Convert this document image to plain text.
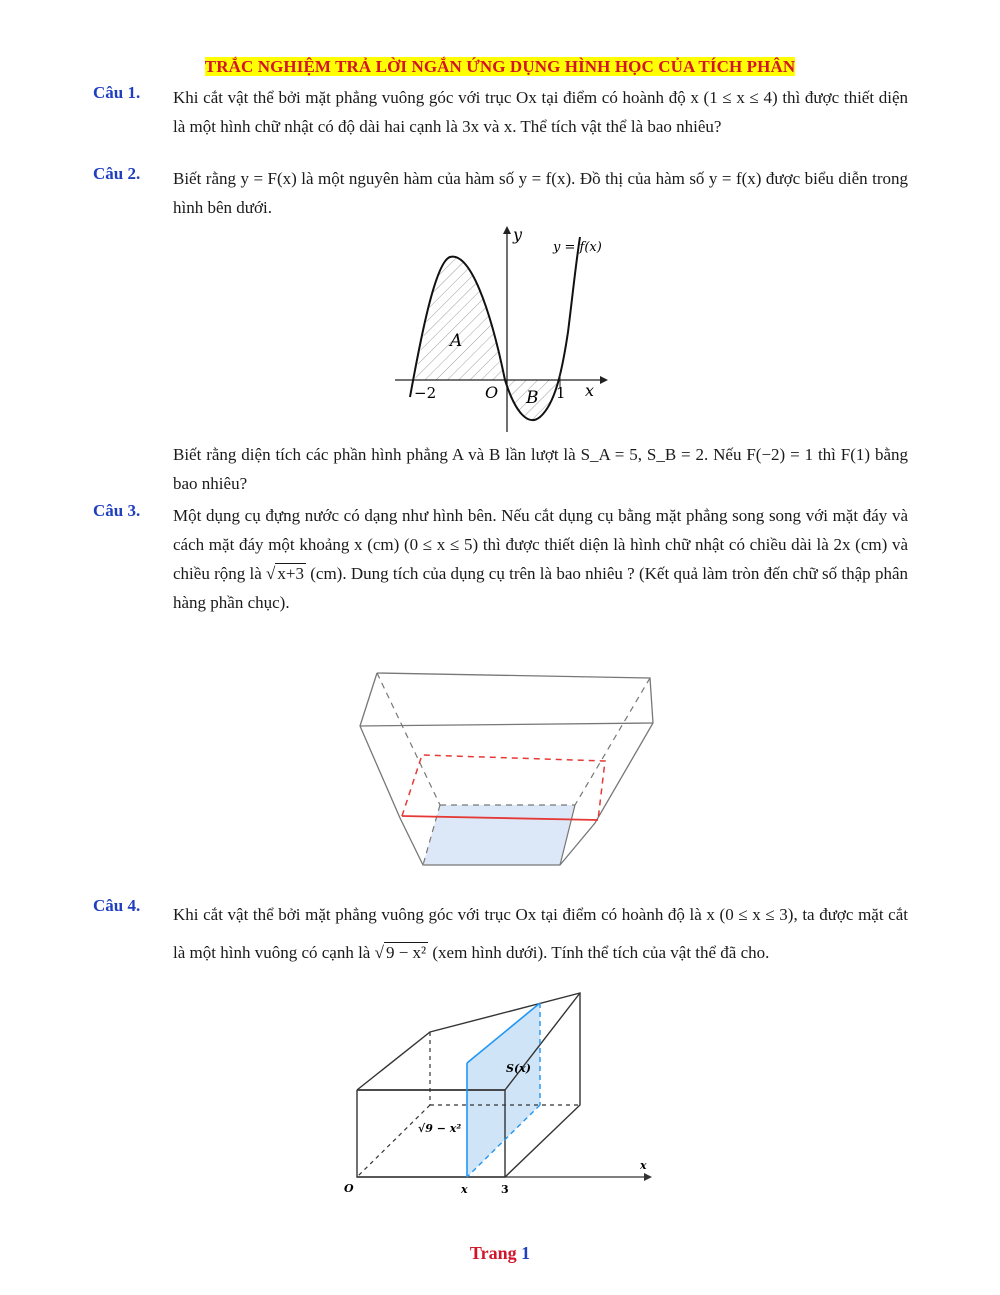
TRẮC NGHIỆM TRẢ LỜI NGẮN ỨNG DỤNG HÌNH HỌC CỦA TÍCH PHÂN
Câu 1. Khi cắt vật thể bởi mặt phẳng vuông góc với trục Ox tại điểm có hoành độ x (1 ≤ x ≤ 4) thì được thiết diện là một hình chữ nhật có độ dài hai cạnh là 3x và x. Thể tích vật thể là bao nhiêu?
Câu 2. Biết rằng y = F(x) là một nguyên hàm của hàm số y = f(x). Đồ thị của hàm số y = f(x) được biểu diễn trong hình bên dưới.
y
x
y = f(x)
A
B
O
−2	1
Biết rằng diện tích các phần hình phẳng A và B lần lượt là S_A = 5, S_B = 2. Nếu F(−2) = 1 thì F(1) bằng bao nhiêu?
Câu 3. Một dụng cụ đựng nước có dạng như hình bên. Nếu cắt dụng cụ bằng mặt phẳng song song với mặt đáy và cách mặt đáy một khoảng x (cm) (0 ≤ x ≤ 5) thì được thiết diện là hình chữ nhật có chiều dài là 2x (cm) và chiều rộng là √ x+3 (cm). Dung tích của dụng cụ trên là bao nhiêu ? (Kết quả làm tròn đến chữ số thập phân hàng phần chục).
Câu 4. Khi cắt vật thể bởi mặt phẳng vuông góc với trục Ox tại điểm có hoành độ là x (0 ≤ x ≤ 3), ta được mặt cắt là một hình vuông có cạnh là √ 9 − x² (xem hình dưới). Tính thể tích của vật thể đã cho.
S(x)
√9 − x²
O	x	3
x
Trang 1
